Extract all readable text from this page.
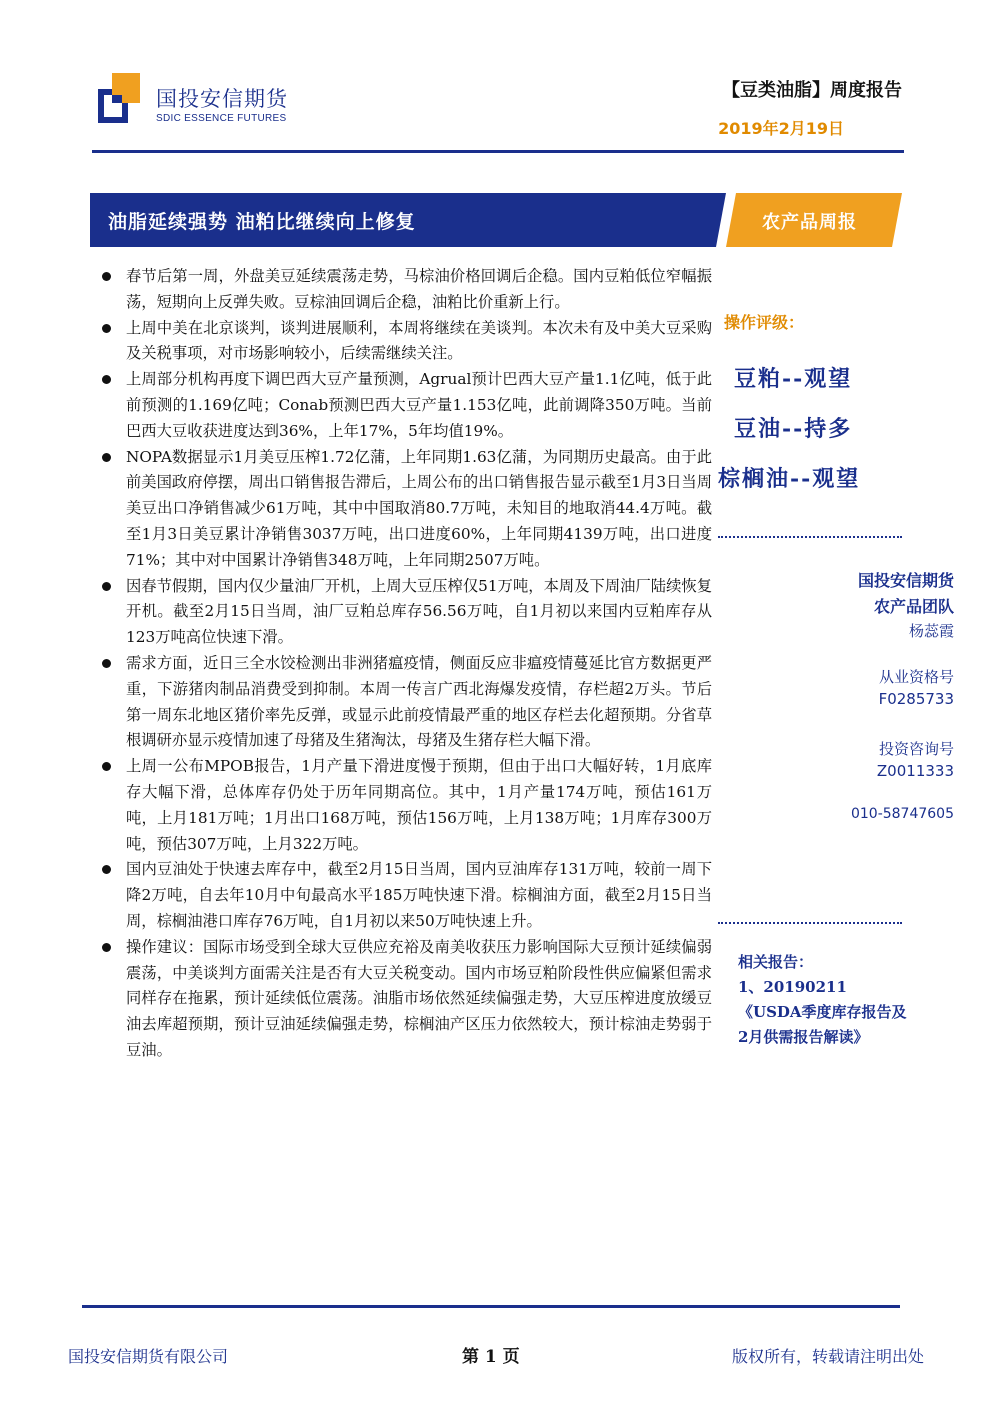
国投安信期货
SDIC ESSENCE FUTURES
【豆类油脂】周度报告
2019年2月19日
油脂延续强势 油粕比继续向上修复	农产品周报
春节后第一周，外盘美豆延续震荡走势，马棕油价格回调后企稳。国内豆粕低位窄幅振荡，短期向上反弹失败。豆棕油回调后企稳，油粕比价重新上行。
上周中美在北京谈判，谈判进展顺利，本周将继续在美谈判。本次未有及中美大豆采购及关税事项，对市场影响较小，后续需继续关注。
上周部分机构再度下调巴西大豆产量预测，Agrual预计巴西大豆产量1.1亿吨，低于此前预测的1.169亿吨；Conab预测巴西大豆产量1.153亿吨，此前调降350万吨。当前巴西大豆收获进度达到36%，上年17%，5年均值19%。
NOPA数据显示1月美豆压榨1.72亿蒲，上年同期1.63亿蒲，为同期历史最高。由于此前美国政府停摆，周出口销售报告滞后，上周公布的出口销售报告显示截至1月3日当周美豆出口净销售减少61万吨，其中中国取消80.7万吨，未知目的地取消44.4万吨。截至1月3日美豆累计净销售3037万吨，出口进度60%，上年同期4139万吨，出口进度71%；其中对中国累计净销售348万吨，上年同期2507万吨。
因春节假期，国内仅少量油厂开机，上周大豆压榨仅51万吨，本周及下周油厂陆续恢复开机。截至2月15日当周，油厂豆粕总库存56.56万吨，自1月初以来国内豆粕库存从123万吨高位快速下滑。
需求方面，近日三全水饺检测出非洲猪瘟疫情，侧面反应非瘟疫情蔓延比官方数据更严重，下游猪肉制品消费受到抑制。本周一传言广西北海爆发疫情，存栏超2万头。节后第一周东北地区猪价率先反弹，或显示此前疫情最严重的地区存栏去化超预期。分省草根调研亦显示疫情加速了母猪及生猪淘汰，母猪及生猪存栏大幅下滑。
上周一公布MPOB报告，1月产量下滑进度慢于预期，但由于出口大幅好转，1月底库存大幅下滑，总体库存仍处于历年同期高位。其中，1月产量174万吨，预估161万吨，上月181万吨；1月出口168万吨，预估156万吨，上月138万吨；1月库存300万吨，预估307万吨，上月322万吨。
国内豆油处于快速去库存中，截至2月15日当周，国内豆油库存131万吨，较前一周下降2万吨，自去年10月中旬最高水平185万吨快速下滑。棕榈油方面，截至2月15日当周，棕榈油港口库存76万吨，自1月初以来50万吨快速上升。
操作建议：国际市场受到全球大豆供应充裕及南美收获压力影响国际大豆预计延续偏弱震荡，中美谈判方面需关注是否有大豆关税变动。国内市场豆粕阶段性供应偏紧但需求同样存在拖累，预计延续低位震荡。油脂市场依然延续偏强走势，大豆压榨进度放缓豆油去库超预期，预计豆油延续偏强走势，棕榈油产区压力依然较大，预计棕油走势弱于豆油。
操作评级：
豆粕--观望
豆油--持多
棕榈油--观望
国投安信期货
农产品团队
杨蕊霞
从业资格号
F0285733
投资咨询号
Z0011333
010-58747605
相关报告：
1、20190211《USDA季度库存报告及2月供需报告解读》
国投安信期货有限公司	第 1 页	版权所有，转载请注明出处
